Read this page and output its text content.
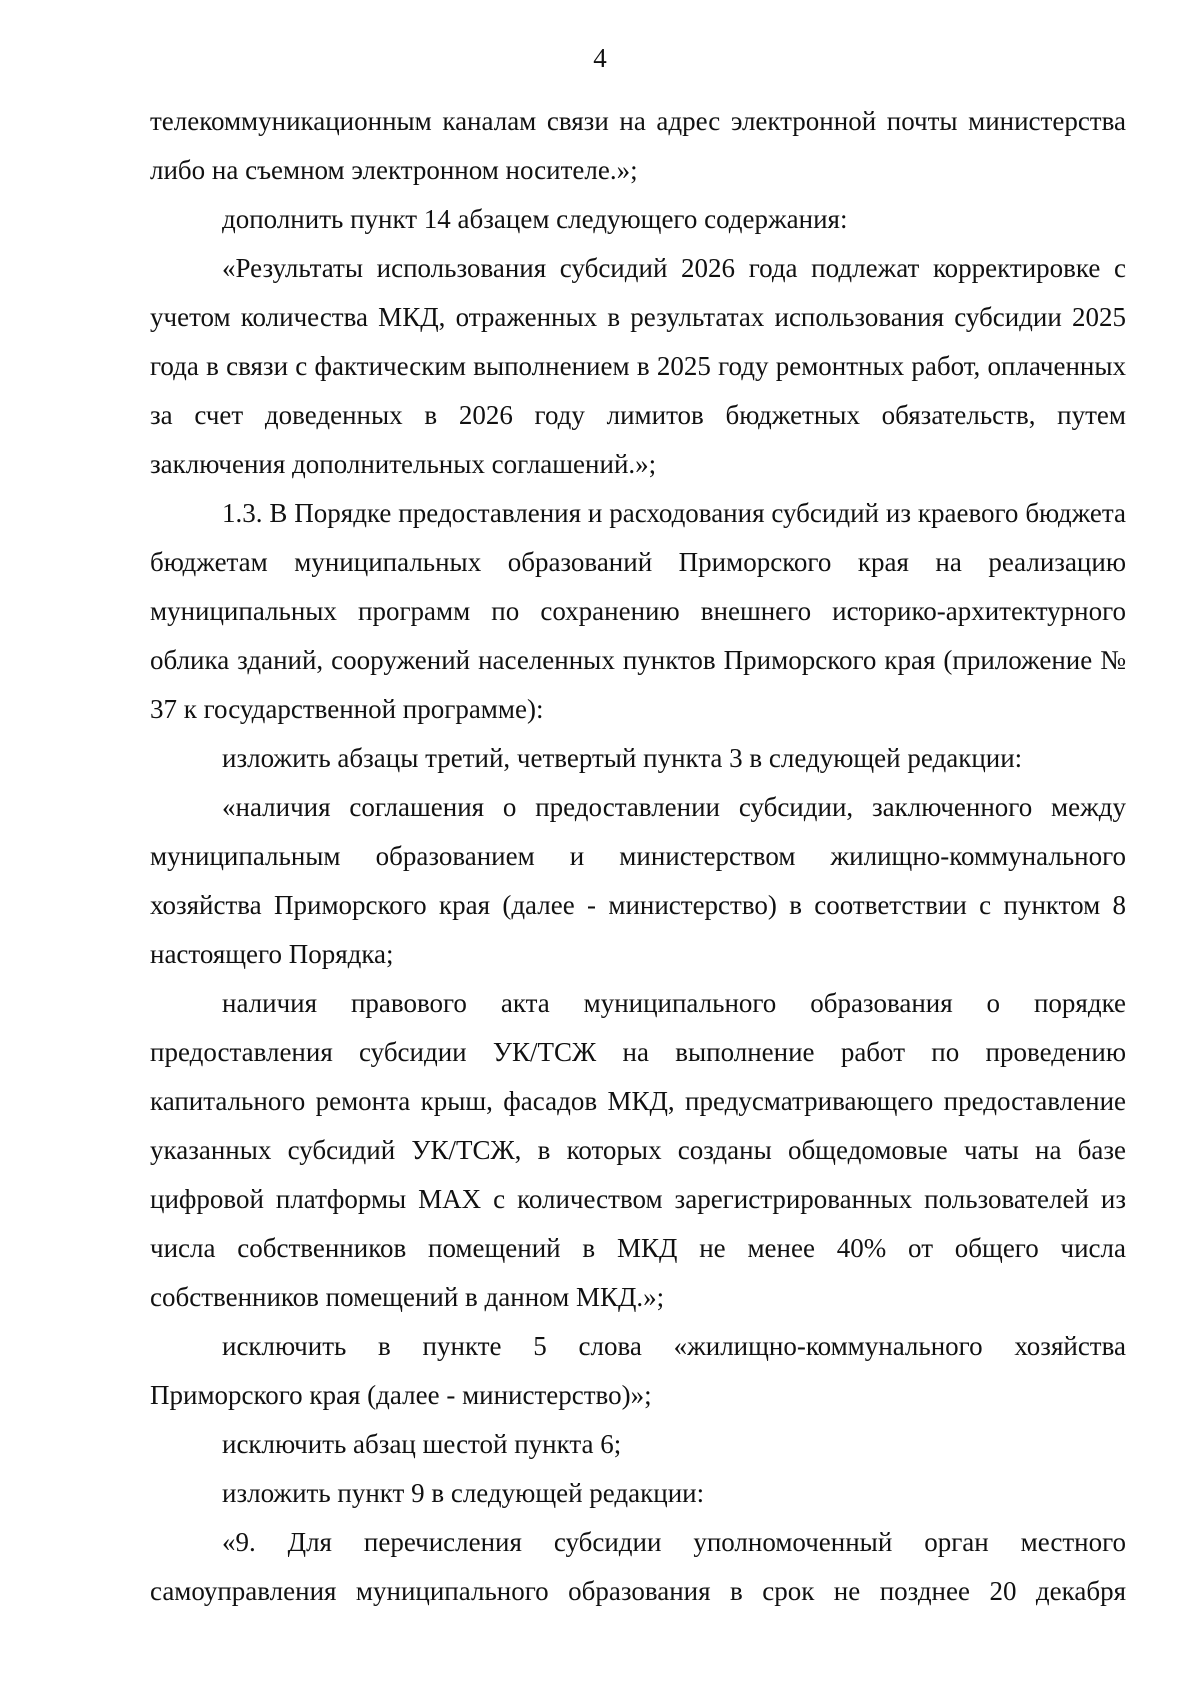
4

телекоммуникационным каналам связи на адрес электронной почты министерства либо на съемном электронном носителе.»;

дополнить пункт 14 абзацем следующего содержания:

«Результаты использования субсидий 2026 года подлежат корректировке с учетом количества МКД, отраженных в результатах использования субсидии 2025 года в связи с фактическим выполнением в 2025 году ремонтных работ, оплаченных за счет доведенных в 2026 году лимитов бюджетных обязательств, путем заключения дополнительных соглашений.»;

1.3. В Порядке предоставления и расходования субсидий из краевого бюджета бюджетам муниципальных образований Приморского края на реализацию муниципальных программ по сохранению внешнего историко-архитектурного облика зданий, сооружений населенных пунктов Приморского края (приложение № 37 к государственной программе):

изложить абзацы третий, четвертый пункта 3 в следующей редакции:

«наличия соглашения о предоставлении субсидии, заключенного между муниципальным образованием и министерством жилищно-коммунального хозяйства Приморского края (далее - министерство) в соответствии с пунктом 8 настоящего Порядка;

наличия правового акта муниципального образования о порядке предоставления субсидии УК/ТСЖ на выполнение работ по проведению капитального ремонта крыш, фасадов МКД, предусматривающего предоставление указанных субсидий УК/ТСЖ, в которых созданы общедомовые чаты на базе цифровой платформы МАХ с количеством зарегистрированных пользователей из числа собственников помещений в МКД не менее 40% от общего числа собственников помещений в данном МКД.»;

исключить в пункте 5 слова «жилищно-коммунального хозяйства Приморского края (далее - министерство)»;

исключить абзац шестой пункта 6;

изложить пункт 9 в следующей редакции:

«9. Для перечисления субсидии уполномоченный орган местного самоуправления муниципального образования в срок не позднее 20 декабря
